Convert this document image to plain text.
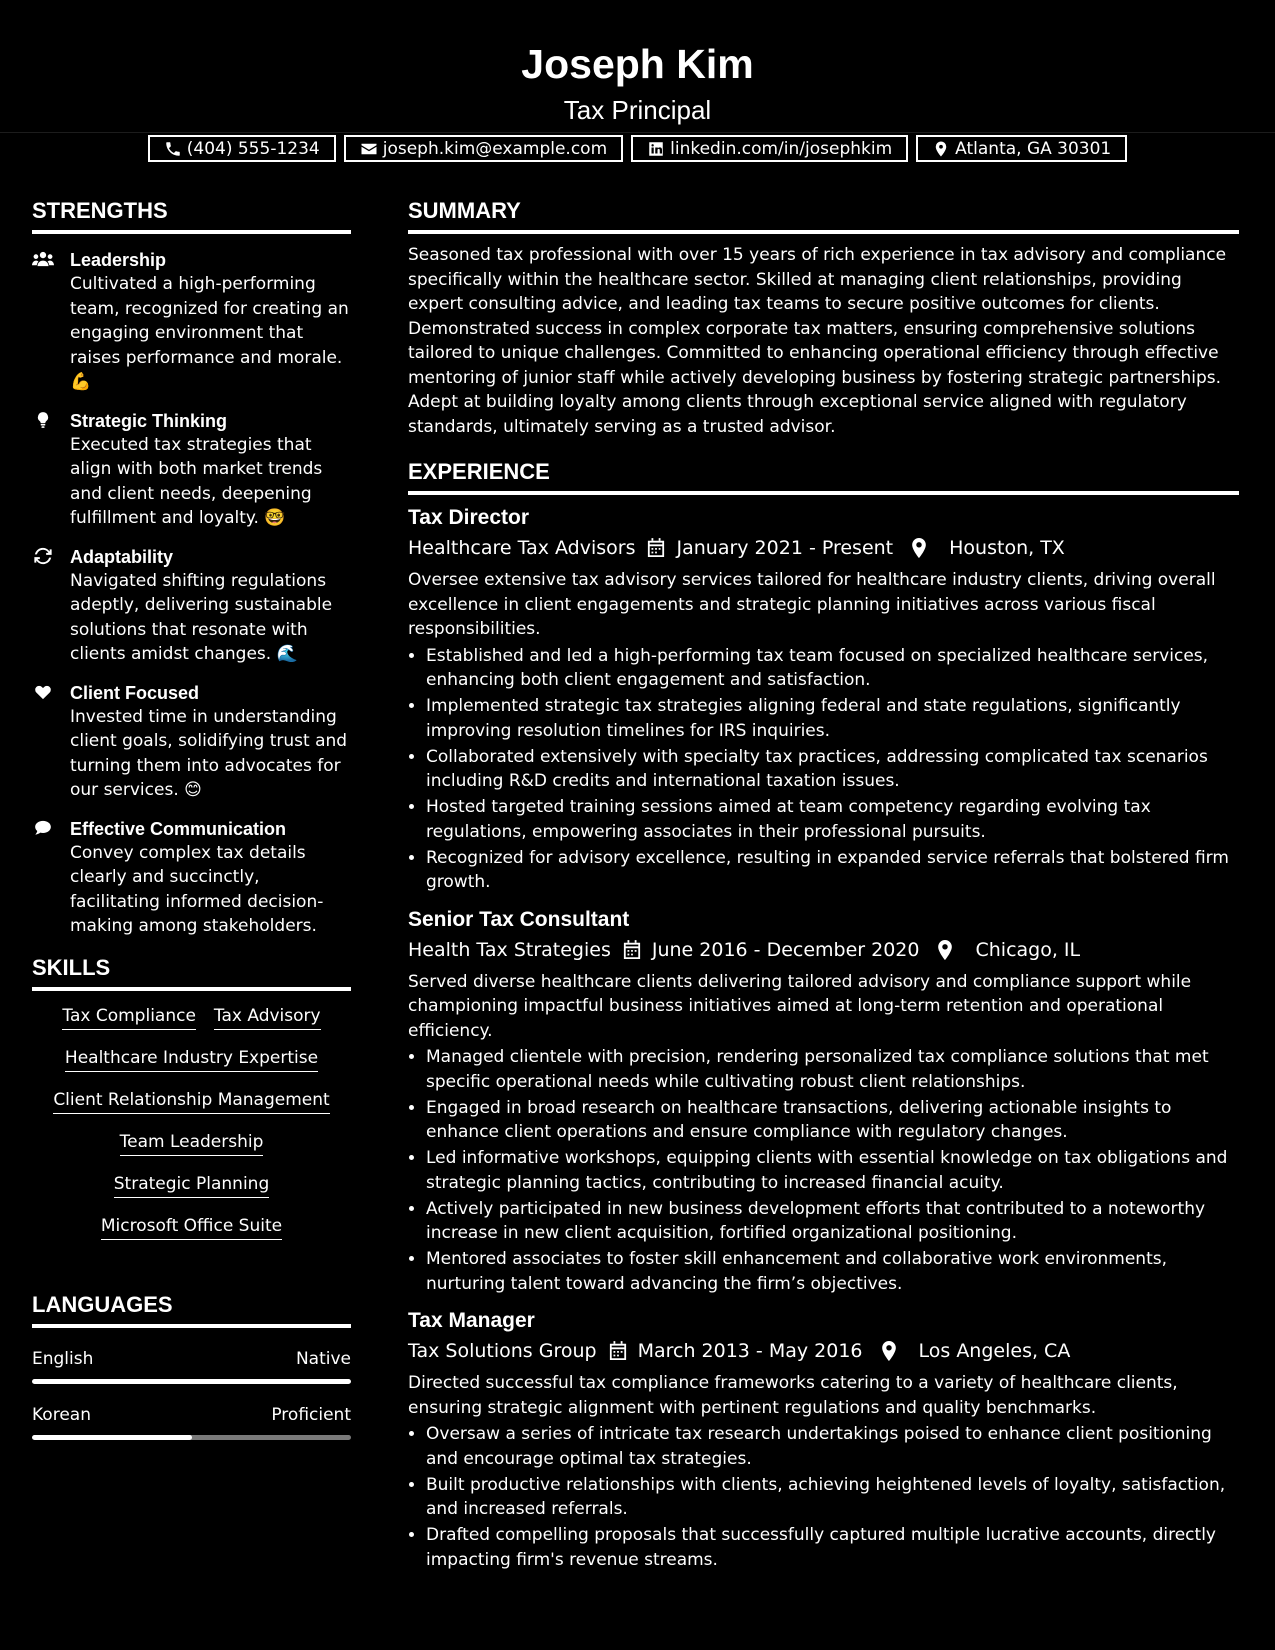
Joseph Kim
Tax Principal
(404) 555-1234	joseph.kim@example.com	linkedin.com/in/josephkim	Atlanta, GA 30301
STRENGTHS
Leadership
Cultivated a high-performing team, recognized for creating an engaging environment that raises performance and morale. 💪
Strategic Thinking
Executed tax strategies that align with both market trends and client needs, deepening fulfillment and loyalty. 🤓
Adaptability
Navigated shifting regulations adeptly, delivering sustainable solutions that resonate with clients amidst changes. 🌊
Client Focused
Invested time in understanding client goals, solidifying trust and turning them into advocates for our services. 😊
Effective Communication
Convey complex tax details clearly and succinctly, facilitating informed decision-making among stakeholders.
SKILLS
Tax Compliance Tax Advisory
Healthcare Industry Expertise
Client Relationship Management
Team Leadership
Strategic Planning
Microsoft Office Suite
LANGUAGES
English	Native
Korean	Proficient
SUMMARY

Seasoned tax professional with over 15 years of rich experience in tax advisory and compliance specifically within the healthcare sector. Skilled at managing client relationships, providing expert consulting advice, and leading tax teams to secure positive outcomes for clients. Demonstrated success in complex corporate tax matters, ensuring comprehensive solutions tailored to unique challenges. Committed to enhancing operational efficiency through effective mentoring of junior staff while actively developing business by fostering strategic partnerships. Adept at building loyalty among clients through exceptional service aligned with regulatory standards, ultimately serving as a trusted advisor.

EXPERIENCE
Tax Director
Healthcare Tax Advisors January 2021 - Present	Houston, TX
Oversee extensive tax advisory services tailored for healthcare industry clients, driving overall excellence in client engagements and strategic planning initiatives across various fiscal responsibilities.
• Established and led a high-performing tax team focused on specialized healthcare services, enhancing both client engagement and satisfaction.
• Implemented strategic tax strategies aligning federal and state regulations, significantly improving resolution timelines for IRS inquiries.
• Collaborated extensively with specialty tax practices, addressing complicated tax scenarios including R&D credits and international taxation issues.
• Hosted targeted training sessions aimed at team competency regarding evolving tax regulations, empowering associates in their professional pursuits.
• Recognized for advisory excellence, resulting in expanded service referrals that bolstered firm growth.
Senior Tax Consultant
Health Tax Strategies June 2016 - December 2020	Chicago, IL
Served diverse healthcare clients delivering tailored advisory and compliance support while championing impactful business initiatives aimed at long-term retention and operational efficiency.
• Managed clientele with precision, rendering personalized tax compliance solutions that met specific operational needs while cultivating robust client relationships.
• Engaged in broad research on healthcare transactions, delivering actionable insights to enhance client operations and ensure compliance with regulatory changes.
• Led informative workshops, equipping clients with essential knowledge on tax obligations and strategic planning tactics, contributing to increased financial acuity.
• Actively participated in new business development efforts that contributed to a noteworthy increase in new client acquisition, fortified organizational positioning.
• Mentored associates to foster skill enhancement and collaborative work environments, nurturing talent toward advancing the firm’s objectives.
Tax Manager
Tax Solutions Group March 2013 - May 2016	Los Angeles, CA
Directed successful tax compliance frameworks catering to a variety of healthcare clients, ensuring strategic alignment with pertinent regulations and quality benchmarks.
• Oversaw a series of intricate tax research undertakings poised to enhance client positioning and encourage optimal tax strategies.
• Built productive relationships with clients, achieving heightened levels of loyalty, satisfaction, and increased referrals.
• Drafted compelling proposals that successfully captured multiple lucrative accounts, directly impacting firm's revenue streams.
